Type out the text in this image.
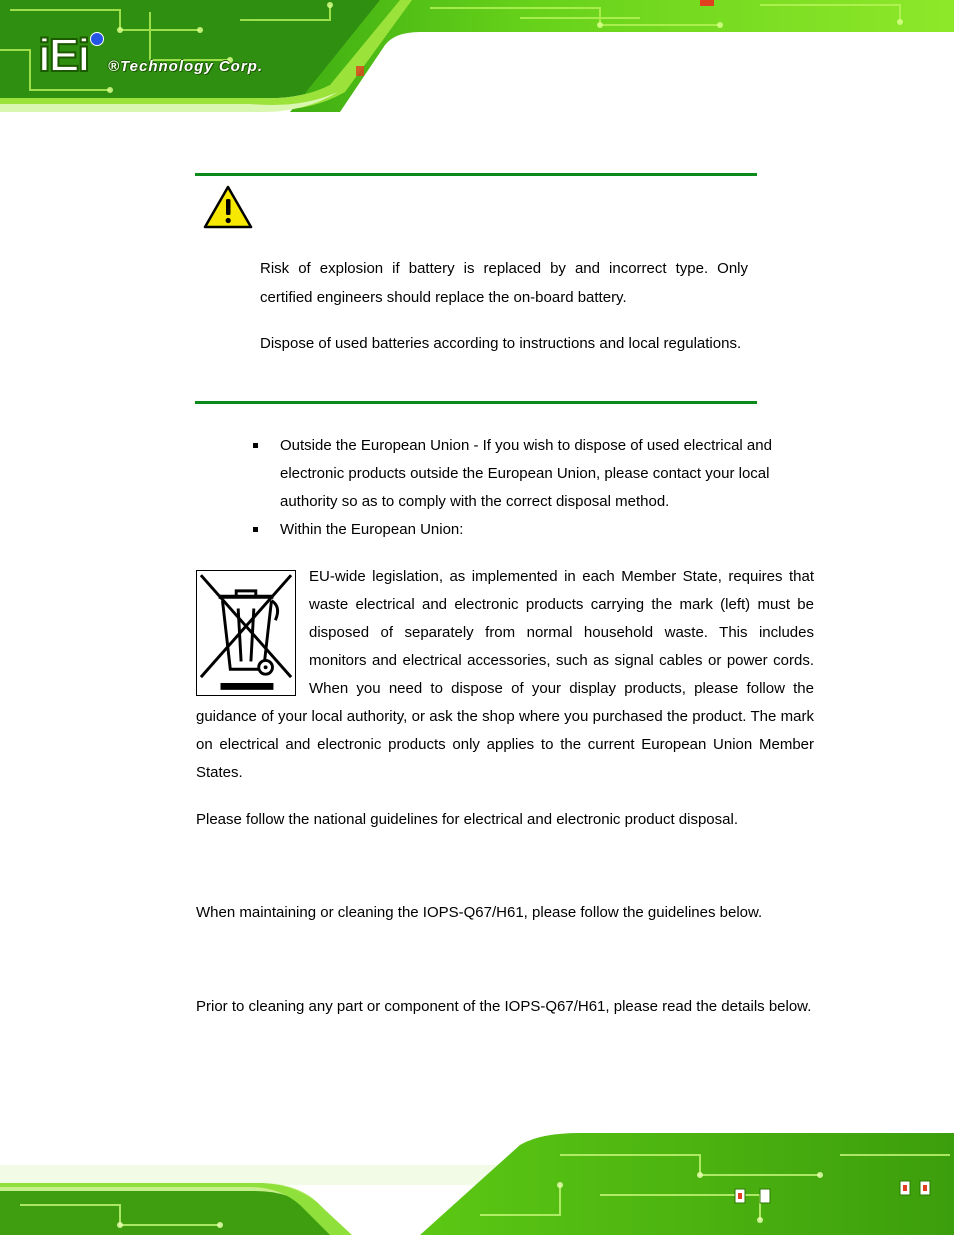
iEi ®Technology Corp.

Risk of explosion if battery is replaced by and incorrect type. Only certified engineers should replace the on-board battery.

Dispose of used batteries according to instructions and local regulations.

Outside the European Union - If you wish to dispose of used electrical and electronic products outside the European Union, please contact your local authority so as to comply with the correct disposal method.
Within the European Union:
EU-wide legislation, as implemented in each Member State, requires that waste electrical and electronic products carrying the mark (left) must be disposed of separately from normal household waste. This includes monitors and electrical accessories, such as signal cables or power cords. When you need to dispose of your display products, please follow the guidance of your local authority, or ask the shop where you purchased the product. The mark on electrical and electronic products only applies to the current European Union Member States.

Please follow the national guidelines for electrical and electronic product disposal.

When maintaining or cleaning the IOPS-Q67/H61, please follow the guidelines below.

Prior to cleaning any part or component of the IOPS-Q67/H61, please read the details below.
